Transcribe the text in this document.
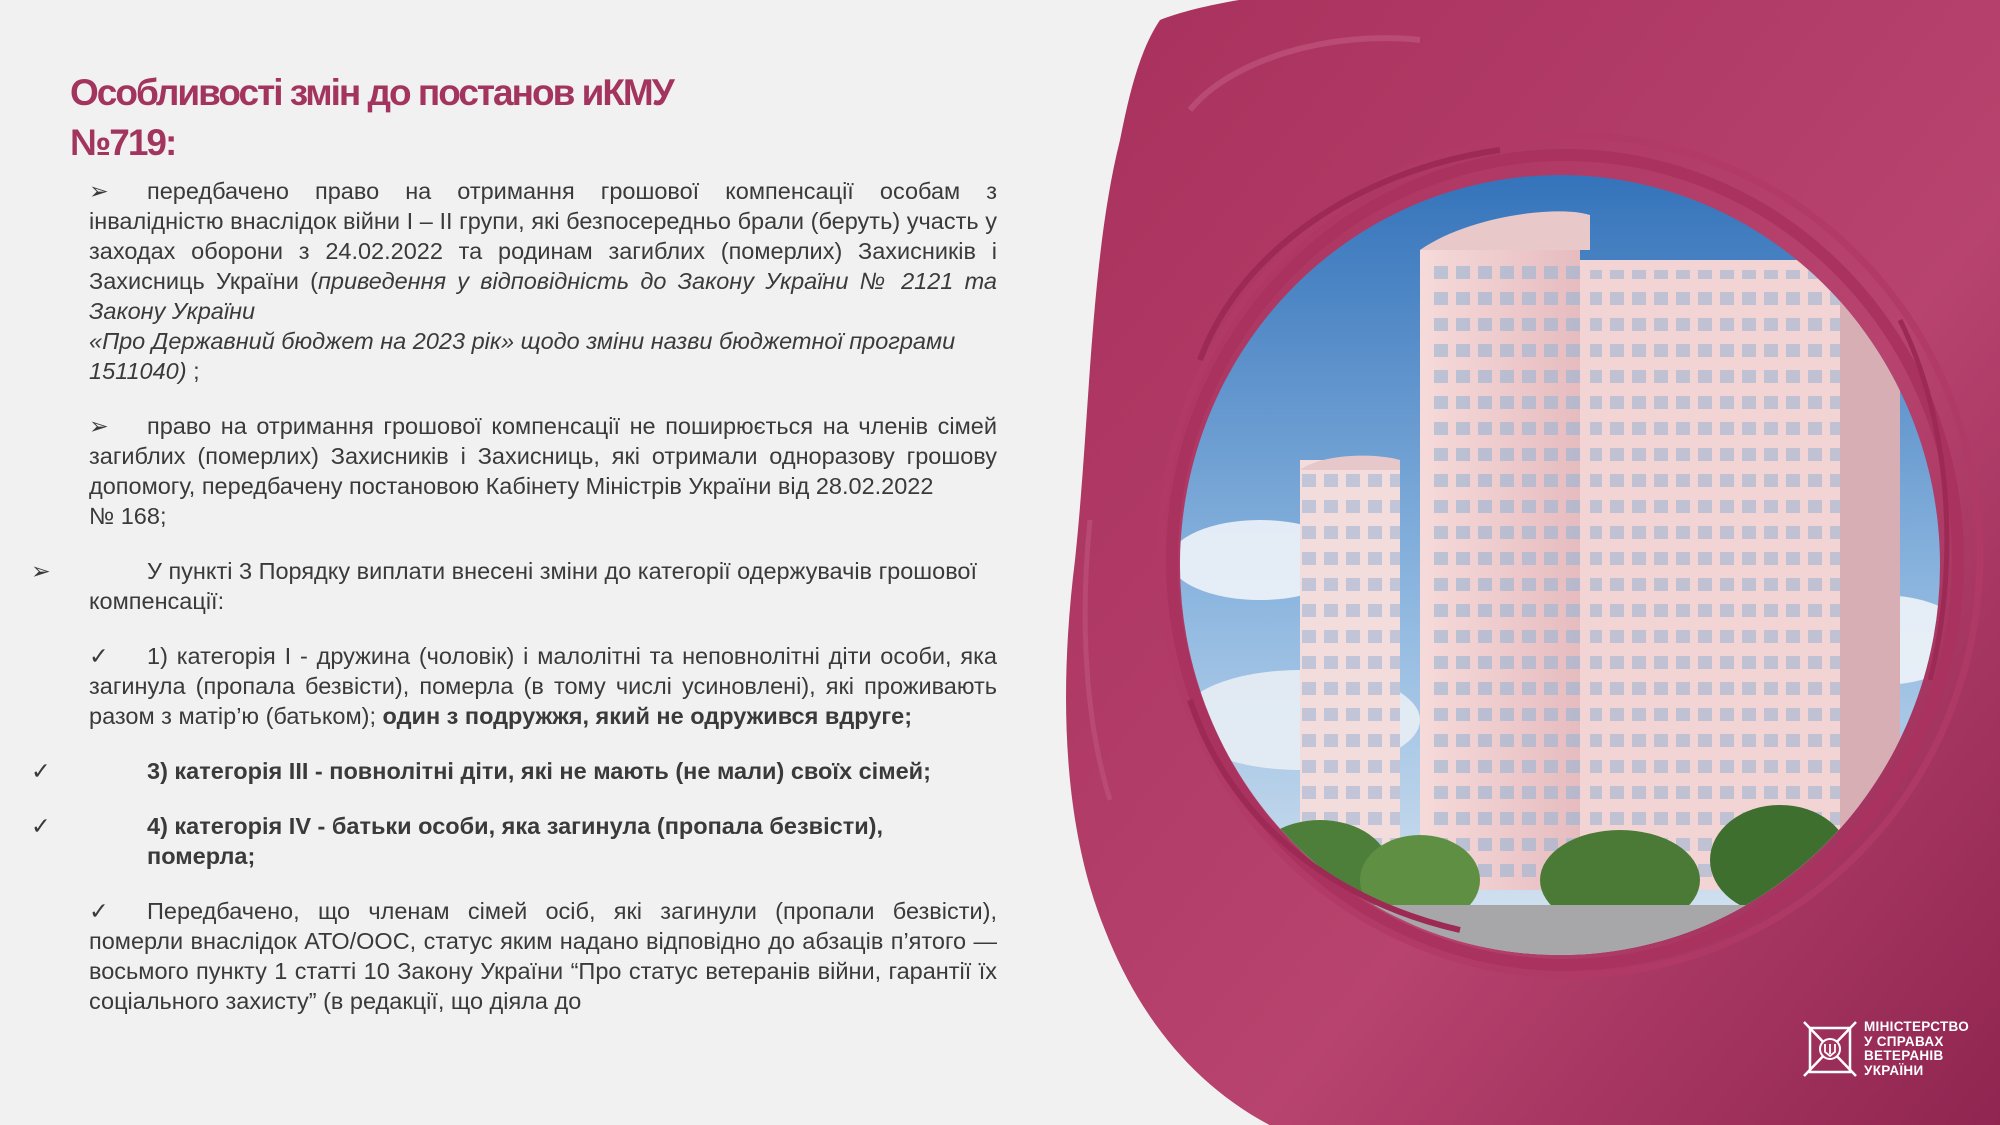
Особливості змін до постанов иКМУ
№719:
➢ передбачено право на отримання грошової компенсації особам з інвалідністю внаслідок війни I – II групи, які безпосередньо брали (беруть) участь у заходах оборони з 24.02.2022 та родинам загиблих (померлих) Захисників і Захисниць України (приведення у відповідність до Закону України № 2121 та Закону України
«Про Державний бюджет на 2023 рік» щодо зміни назви бюджетної програми
1511040) ;
➢ право на отримання грошової компенсації не поширюється на членів сімей загиблих (померлих) Захисників і Захисниць, які отримали одноразову грошову допомогу, передбачену постановою Кабінету Міністрів України від 28.02.2022
№ 168;
➢	У пункті 3 Порядку виплати внесені зміни до категорії одержувачів грошової
компенсації:
✓ 1) категорія І - дружина (чоловік) і малолітні та неповнолітні діти особи, яка загинула (пропала безвісти), померла (в тому числі усиновлені), які проживають разом з матір’ю (батьком); один з подружжя, який не одружився вдруге;
✓	3) категорія ІІІ - повнолітні діти, які не мають (не мали) своїх сімей;
✓	4) категорія IV - батьки особи, яка загинула (пропала безвісти), померла;
✓ Передбачено, що членам сімей осіб, які загинули (пропали безвісти), померли внаслідок АТО/ООС, статус яким надано відповідно до абзаців п’ятого — восьмого пункту 1 статті 10 Закону України “Про статус ветеранів війни, гарантії їх соціального захисту” (в редакції, що діяла до
МІНІСТЕРСТВО
У СПРАВАХ
ВЕТЕРАНІВ
УКРАЇНИ
